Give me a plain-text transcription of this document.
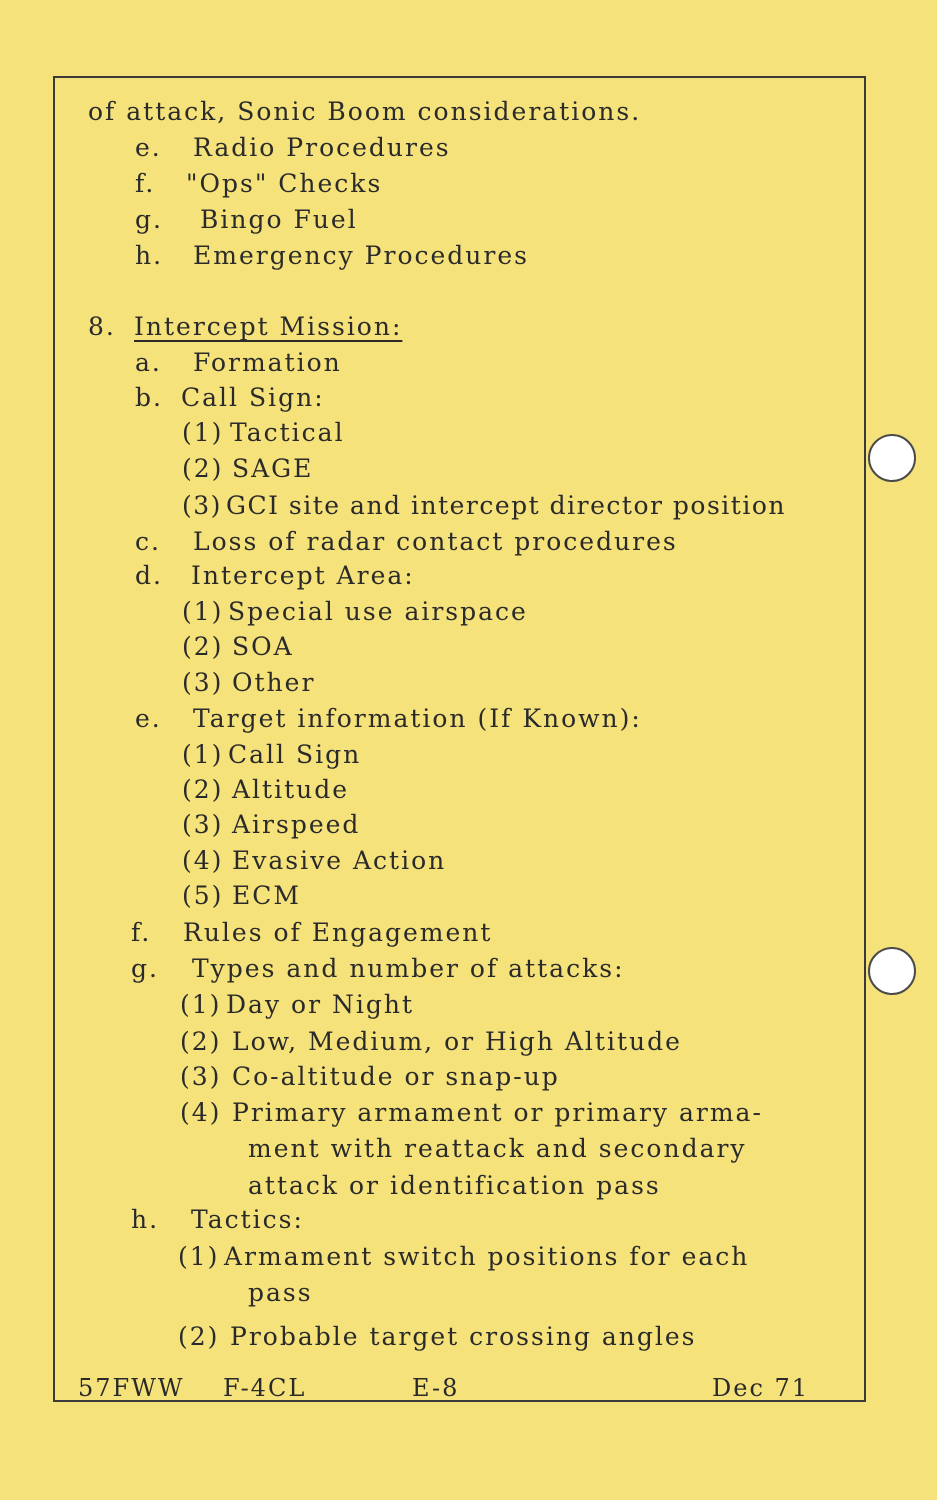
of attack, Sonic Boom considerations.
e. Radio Procedures
f. "Ops" Checks
g. Bingo Fuel
h. Emergency Procedures
8. Intercept Mission:
a. Formation
b. Call Sign:
(1) Tactical
(2) SAGE
(3) GCI site and intercept director position
c. Loss of radar contact procedures
d. Intercept Area:
(1) Special use airspace
(2) SOA
(3) Other
e. Target information (If Known):
(1) Call Sign
(2) Altitude
(3) Airspeed
(4) Evasive Action
(5) ECM
f. Rules of Engagement
g. Types and number of attacks:
(1) Day or Night
(2) Low, Medium, or High Altitude
(3) Co-altitude or snap-up
(4) Primary armament or primary arma-
ment with reattack and secondary
attack or identification pass
h. Tactics:
(1) Armament switch positions for each
pass
(2) Probable target crossing angles
57FWW F-4CL	E-8	Dec 71
